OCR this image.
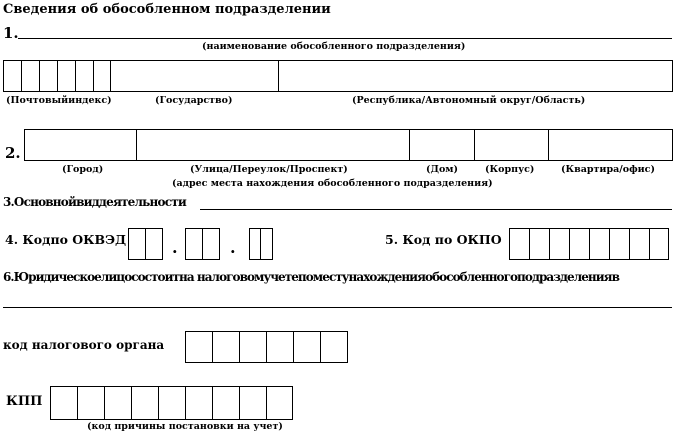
Сведения об обособленном подразделении
1.
(наименование обособленного подразделения)
(Почтовыйиндекс)	(Государство)	(Республика/Автономный округ/Область)
2.
(Город)	(Улица/Переулок/Проспект)	(Дом)	(Корпус)	(Квартира/офис)
(адрес места нахождения обособленного подразделения)
3.Основнойвиддеятельности
4. Кодпо ОКВЭД	.	.	5. Код по ОКПО
6.Юридическоелицосостоитна налоговомучетепоместунахожденияобособленногоподразделенияв
код налогового органа
КПП
(код причины постановки на учет)
